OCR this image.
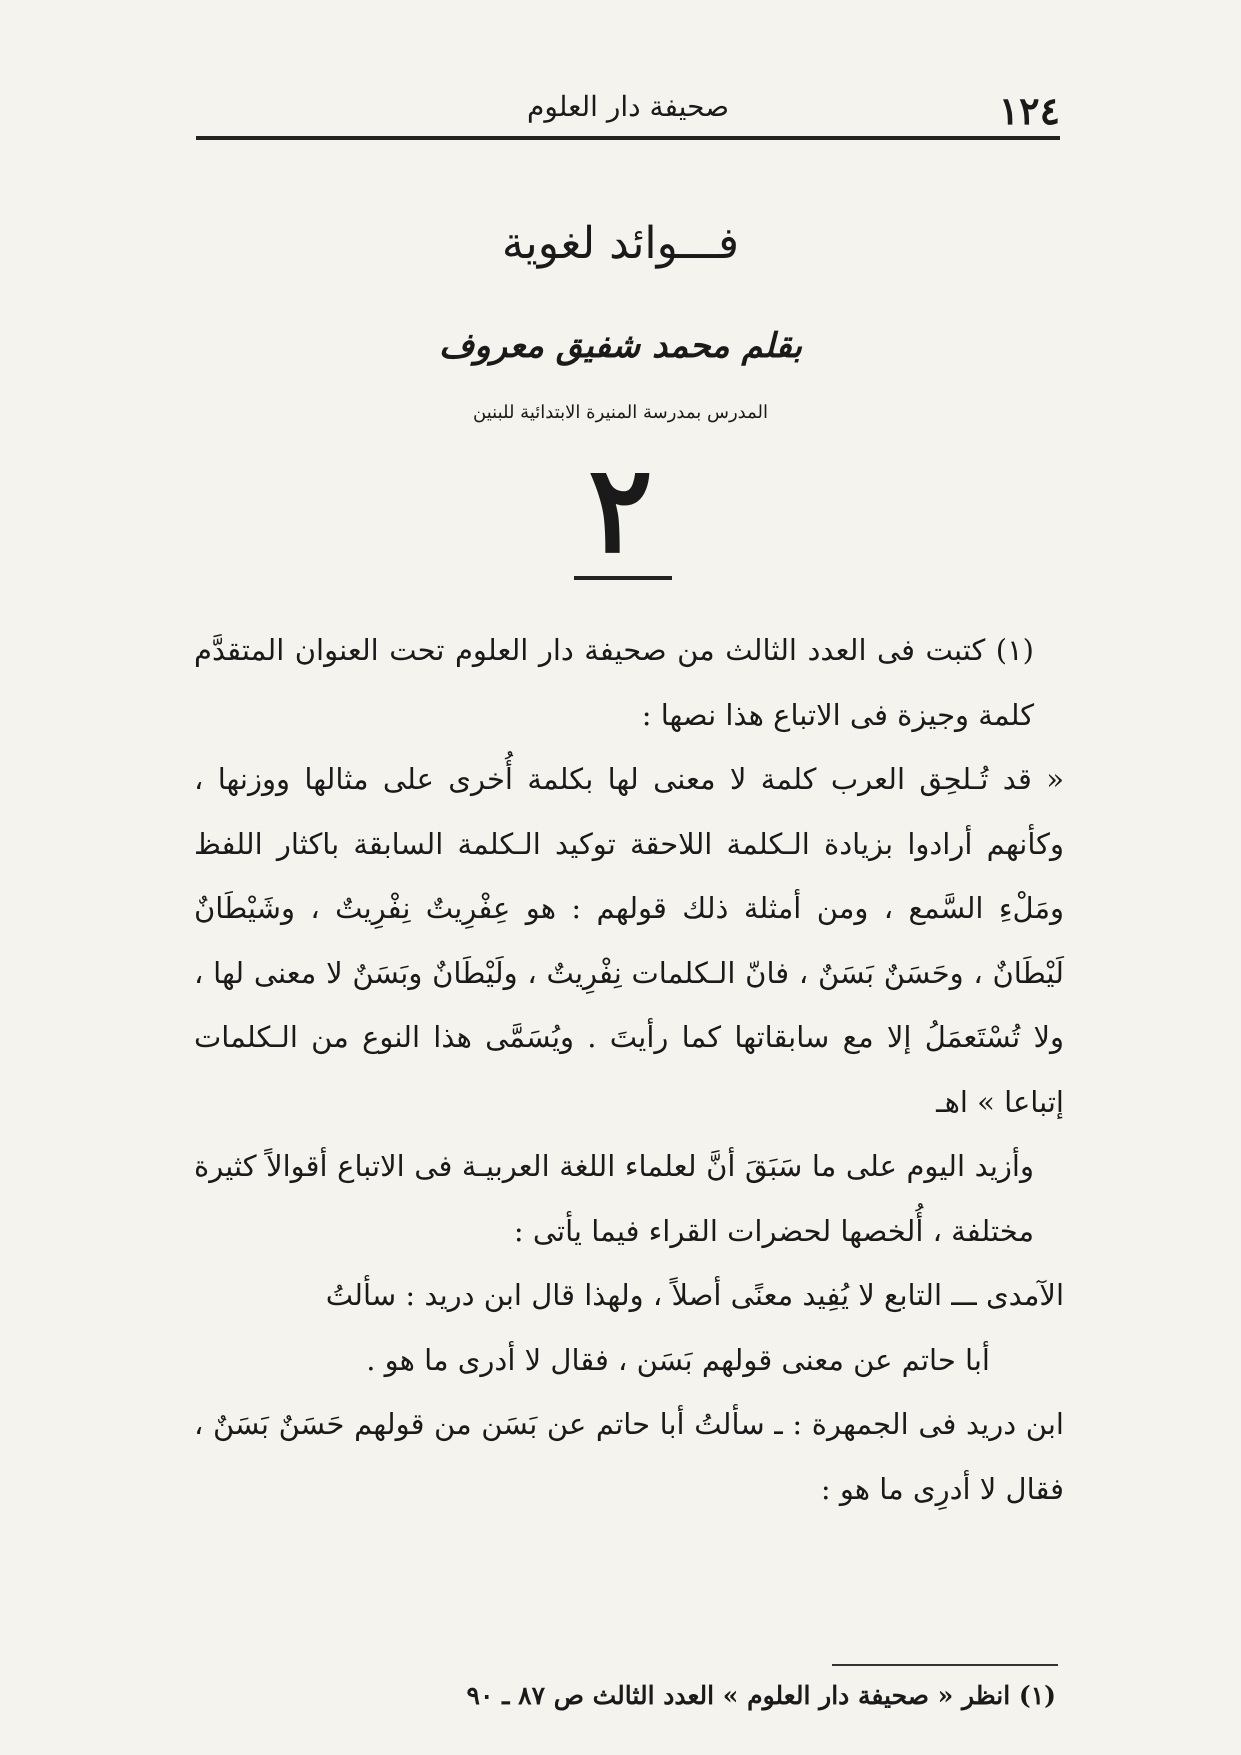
١٢٤
صحيفة دار العلوم
فـــوائد لغوية
بقلم محمد شفيق معروف
المدرس بمدرسة المنيرة الابتدائية للبنين
٢

(١) كتبت فى العدد الثالث من صحيفة دار العلوم تحت العنوان المتقدَّم كلمة وجيزة فى الاتباع هذا نصها :

« قد تُـلحِق العرب كلمة لا معنى لها بكلمة أُخرى على مثالها ووزنها ، وكأنهم أرادوا بزيادة الـكلمة اللاحقة توكيد الـكلمة السابقة باكثار اللفظ ومَلْءِ السَّمع ، ومن أمثلة ذلك قولهم : هو عِفْرِيتٌ نِفْرِيتٌ ، وشَيْطَانٌ لَيْطَانٌ ، وحَسَنٌ بَسَنٌ ، فانّ الـكلمات نِفْرِيتٌ ، ولَيْطَانٌ وبَسَنٌ لا معنى لها ، ولا تُسْتَعمَلُ إلا مع سابقاتها كما رأيتَ . ويُسَمَّى هذا النوع من الـكلمات إتباعا » اهـ

وأزيد اليوم على ما سَبَقَ أنَّ لعلماء اللغة العربيـة فى الاتباع أقوالاً كثيرة مختلفة ، أُلخصها لحضرات القراء فيما يأتى :

الآمدى ـــ التابع لا يُفِيد معنًى أصلاً ، ولهذا قال ابن دريد : سألتُ

أبا حاتم عن معنى قولهم بَسَن ، فقال لا أدرى ما هو .

ابن دريد فى الجمهرة : ـ سألتُ أبا حاتم عن بَسَن من قولهم حَسَنٌ بَسَنٌ ، فقال لا أدرِى ما هو :

(١) انظر « صحيفة دار العلوم » العدد الثالث ص ٨٧ ـ ٩٠
